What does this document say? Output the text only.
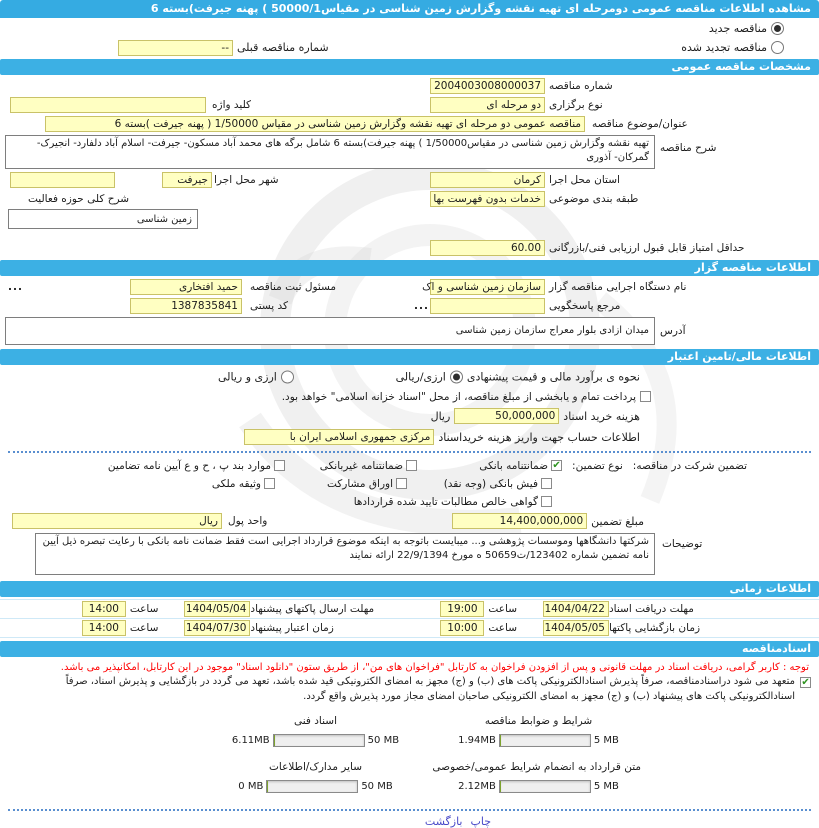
مشاهده اطلاعات مناقصه عمومی دومرحله ای تهیه نقشه وگزارش زمین شناسی در مقیاس50000/1 ) پهنه جیرفت)بسته 6
مناقصه جدید
مناقصه تجدید شده
شماره مناقصه قبلی
--
مشخصات مناقصه عمومی
شماره مناقصه
2004003008000037
نوع برگزاری
دو مرحله ای
کلید واژه
عنوان/موضوع مناقصه
مناقصه عمومی دو مرحله ای تهیه نقشه وگزارش زمین شناسی در مقیاس 1/50000 ( پهنه جیرفت )بسته 6
شرح مناقصه
تهیه نقشه وگزارش زمین شناسی در مقیاس1/50000 ) پهنه جیرفت)بسته 6 شامل برگه های محمد آباد مسکون- جیرفت- اسلام آباد دلفارد- انجیرک- گمرکان- آذوری
استان محل اجرا
کرمان
شهر محل اجرا
جیرفت
طبقه بندی موضوعی
خدمات بدون فهرست بها
شرح کلی حوزه فعالیت
زمین شناسی
حداقل امتیاز قابل قبول ارزیابی فنی/بازرگانی
60.00
اطلاعات مناقصه گزار
نام دستگاه اجرایی مناقصه گزار
سازمان زمین شناسی و اک
مسئول ثبت مناقصه
حمید افتخاری
...
مرجع پاسخگویی
...
کد پستی
1387835841
آدرس
میدان ازادی بلوار معراج سازمان زمین شناسی
اطلاعات مالی/تامین اعتبار
نحوه ی برآورد مالی و قیمت پیشنهادی
ارزی/ریالی
ارزی و ریالی
پرداخت تمام و یابخشی از مبلغ مناقصه، از محل "اسناد خزانه اسلامی" خواهد بود.
هزینه خرید اسناد
50,000,000
ریال
اطلاعات حساب جهت واریز هزینه خریداسناد
مرکزی جمهوری اسلامی ایران با
تضمین شرکت در مناقصه:
نوع تضمین:
✔
ضمانتنامه بانکی
ضمانتنامه غیربانکی
موارد بند پ ، ح و ع آیین نامه تضامین
فیش بانکی (وجه نقد)
اوراق مشارکت
وثیقه ملکی
گواهی خالص مطالبات تایید شده قراردادها
مبلغ تضمین
14,400,000,000
واحد پول
ریال
توضیحات
شرکتها دانشگاهها وموسسات پژوهشی و... میبایست باتوجه به اینکه موضوع قرارداد اجرایی است فقط ضمانت نامه بانکی با رعایت تبصره ذیل آیین نامه تضمین شماره 123402/ت50659 ه مورخ 22/9/1394 ارائه نمایند
اطلاعات زمانی
مهلت دریافت اسناد
1404/04/22
ساعت
19:00
مهلت ارسال پاکتهای پیشنهاد
1404/05/04
ساعت
14:00
زمان بازگشایی پاکتها
1404/05/05
ساعت
10:00
زمان اعتبار پیشنهاد
1404/07/30
ساعت
14:00
اسنادمناقصه
توجه : کاربر گرامی، دریافت اسناد در مهلت قانونی و پس از افزودن فراخوان به کارتابل "فراخوان های من"، از طریق ستون "دانلود اسناد" موجود در این کارتابل، امکانپذیر می باشد.
✔

متعهد می شود دراسنادمناقصه، صرفاً پذیرش اسنادالکترونیکی پاکت های (ب) و (ج) مجهز به امضای الکترونیکی قید شده باشد، تعهد می گردد در بازگشایی و پذیرش اسناد، صرفاً اسنادالکترونیکی پاکت های پیشنهاد (ب) و (ج) مجهز به امضای الکترونیکی صاحبان امضای مجاز مورد پذیرش واقع گردد.

شرایط و ضوابط مناقصه
1.94MB	5 MB
اسناد فنی
6.11MB	50 MB
متن قرارداد به انضمام شرایط عمومی/خصوصی
2.12MB	5 MB
سایر مدارک/اطلاعات
0 MB	50 MB
چاپ
بازگشت
